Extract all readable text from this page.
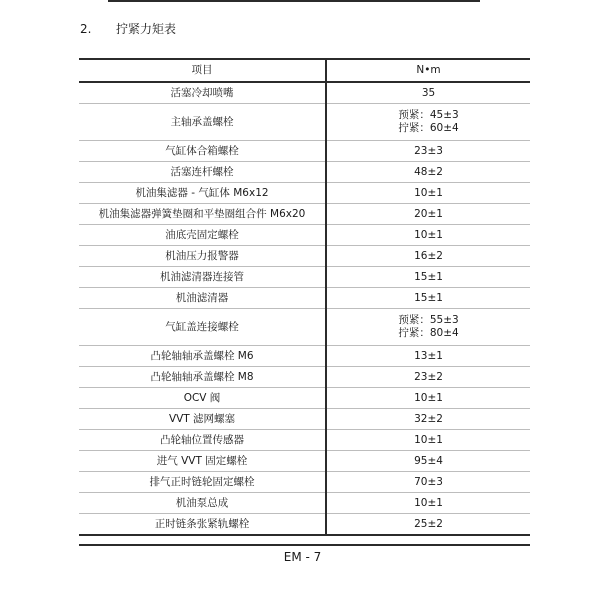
2. 拧紧力矩表
项目	N•m
活塞冷却喷嘴	35

主轴承盖螺栓	预紧：45±3
拧紧：60±4

气缸体合箱螺栓	23±3

活塞连杆螺栓	48±2

机油集滤器 - 气缸体 M6x12	10±1

机油集滤器弹簧垫圈和平垫圈组合件 M6x20	20±1

油底壳固定螺栓	10±1

机油压力报警器	16±2

机油滤清器连接管	15±1

机油滤清器	15±1

气缸盖连接螺栓	预紧：55±3
拧紧：80±4

凸轮轴轴承盖螺栓 M6	13±1

凸轮轴轴承盖螺栓 M8	23±2

OCV 阀	10±1

VVT 滤网螺塞	32±2

凸轮轴位置传感器	10±1

进气 VVT 固定螺栓	95±4

排气正时链轮固定螺栓	70±3

机油泵总成	10±1

正时链条张紧轨螺栓	25±2
EM - 7
